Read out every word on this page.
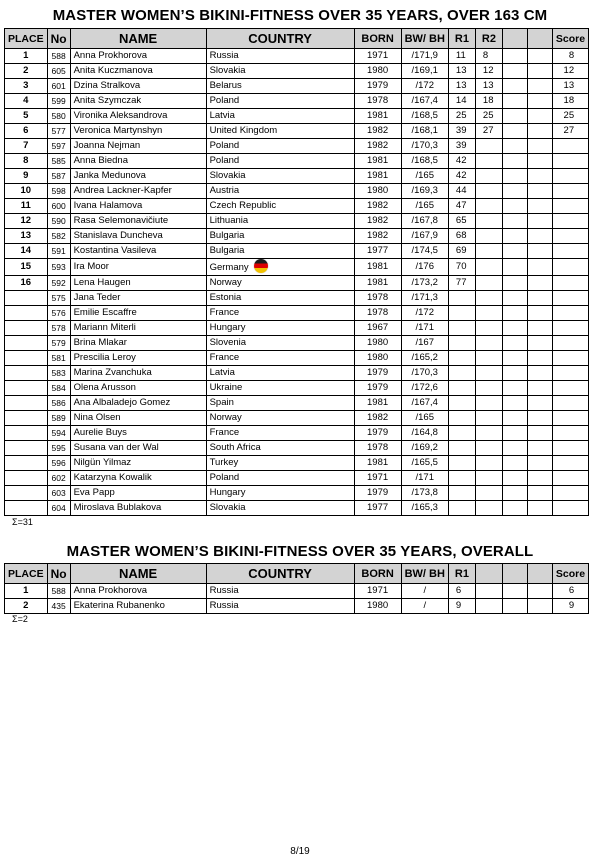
MASTER WOMEN’S BIKINI-FITNESS OVER 35 YEARS, OVER 163 CM
PLACE	No	NAME	COUNTRY	BORN	BW/ BH	R1	R2			Score
1	588	Anna Prokhorova	Russia	1971	/171,9	11	8			8
2	605	Anita Kuczmanova	Slovakia	1980	/169,1	13	12			12
3	601	Dzina Stralkova	Belarus	1979	/172	13	13			13
4	599	Anita Szymczak	Poland	1978	/167,4	14	18			18
5	580	Vironika Aleksandrova	Latvia	1981	/168,5	25	25			25
6	577	Veronica Martynshyn	United Kingdom	1982	/168,1	39	27			27
7	597	Joanna Nejman	Poland	1982	/170,3	39				
8	585	Anna Biedna	Poland	1981	/168,5	42				
9	587	Janka Medunova	Slovakia	1981	/165	42				
10	598	Andrea Lackner-Kapfer	Austria	1980	/169,3	44				
11	600	Ivana Halamova	Czech Republic	1982	/165	47				
12	590	Rasa Selemonavičiute	Lithuania	1982	/167,8	65				
13	582	Stanislava Duncheva	Bulgaria	1982	/167,9	68				
14	591	Kostantina Vasileva	Bulgaria	1977	/174,5	69				
15	593	Ira Moor	Germany	1981	/176	70				
16	592	Lena Haugen	Norway	1981	/173,2	77				
	575	Jana Teder	Estonia	1978	/171,3					
	576	Emilie Escaffre	France	1978	/172					
	578	Mariann Miterli	Hungary	1967	/171					
	579	Brina Mlakar	Slovenia	1980	/167					
	581	Prescilia Leroy	France	1980	/165,2					
	583	Marina Zvanchuka	Latvia	1979	/170,3					
	584	Olena Arusson	Ukraine	1979	/172,6					
	586	Ana Albaladejo Gomez	Spain	1981	/167,4					
	589	Nina Olsen	Norway	1982	/165					
	594	Aurelie Buys	France	1979	/164,8					
	595	Susana van der Wal	South Africa	1978	/169,2					
	596	Nilgün Yilmaz	Turkey	1981	/165,5					
	602	Katarzyna Kowalik	Poland	1971	/171					
	603	Eva Papp	Hungary	1979	/173,8					
	604	Miroslava Bublakova	Slovakia	1977	/165,3					
Σ=31
MASTER WOMEN’S BIKINI-FITNESS OVER 35 YEARS, OVERALL
PLACE	No	NAME	COUNTRY	BORN	BW/ BH	R1				Score
1	588	Anna Prokhorova	Russia	1971	/	6				6
2	435	Ekaterina Rubanenko	Russia	1980	/	9				9
Σ=2
8/19
